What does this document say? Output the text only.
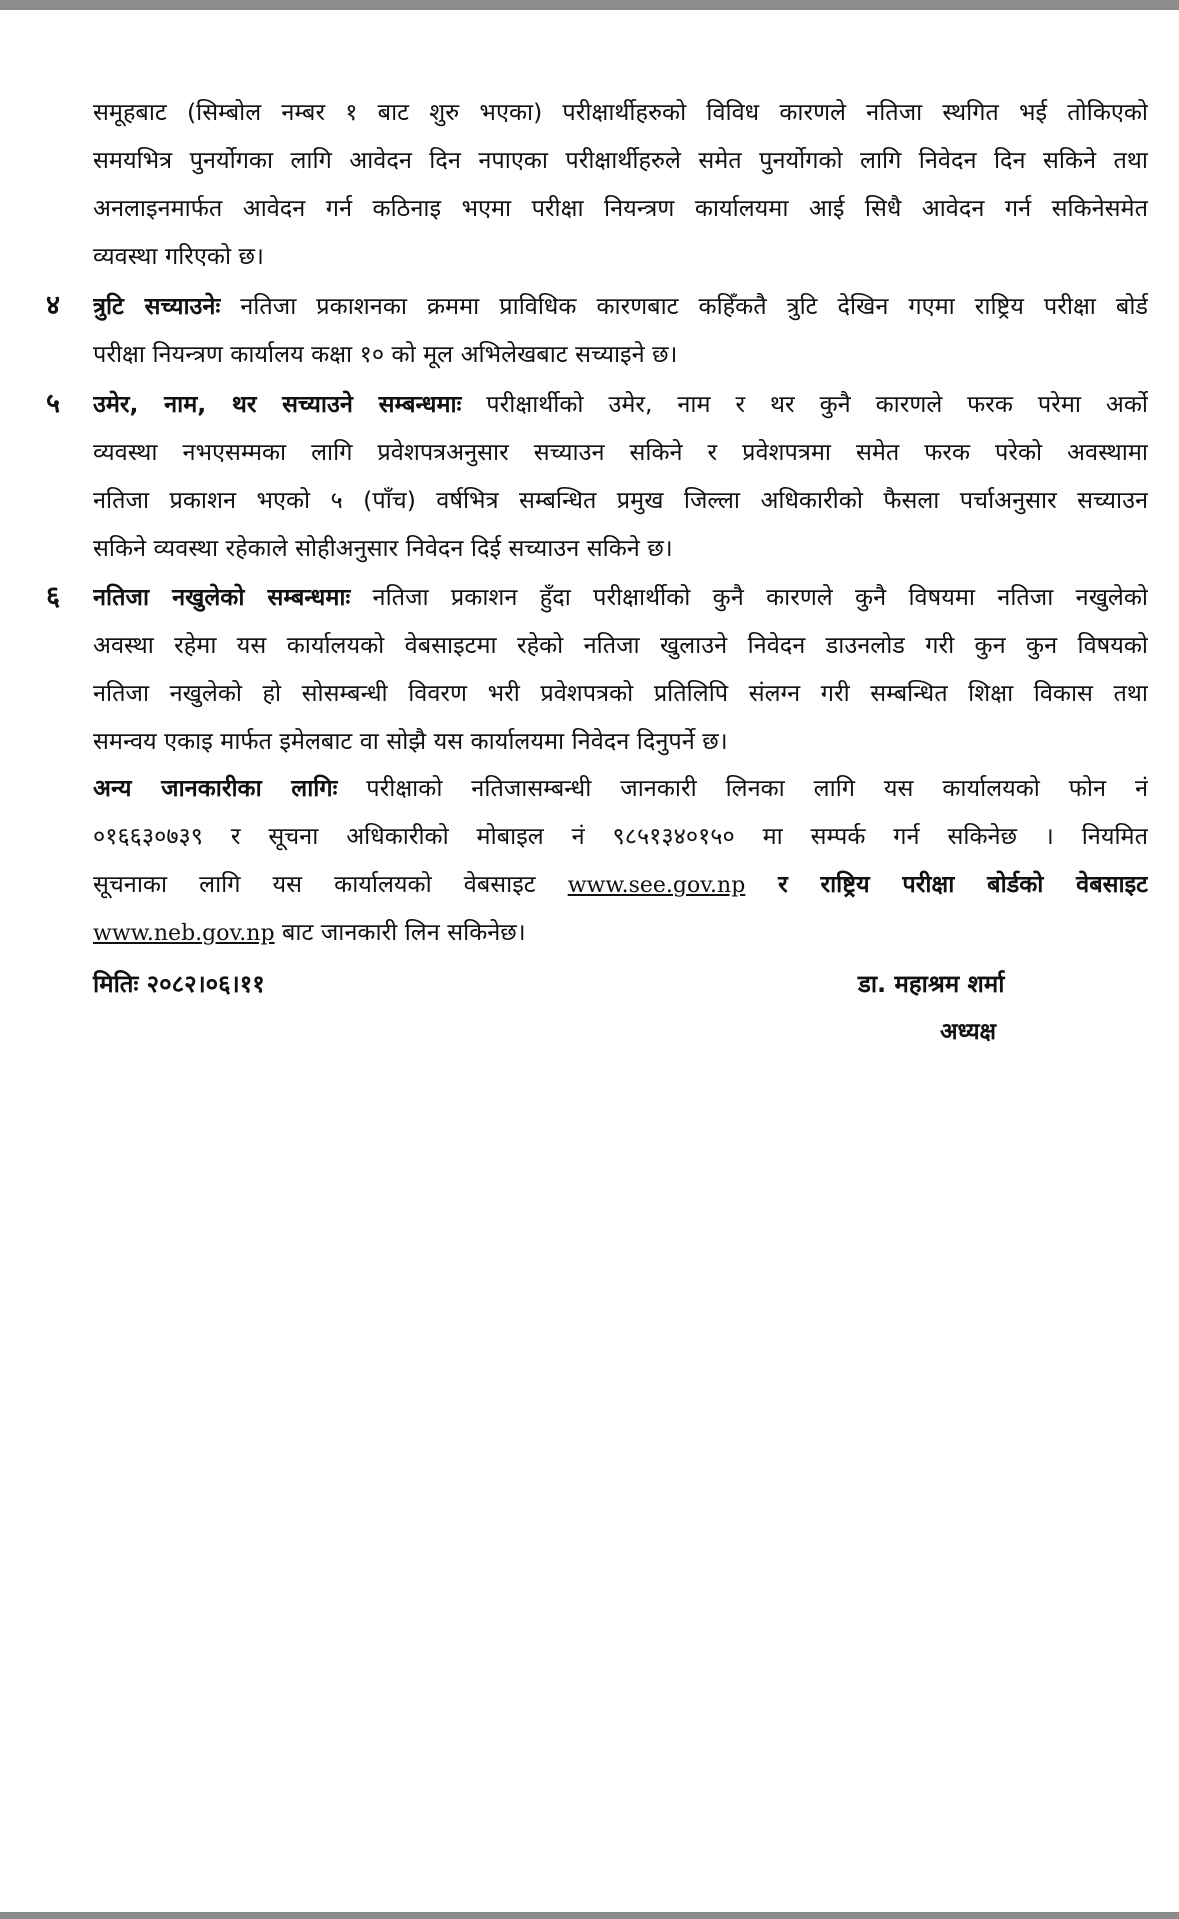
समूहबाट (सिम्बोल नम्बर १ बाट शुरु भएका) परीक्षार्थीहरुको विविध कारणले नतिजा स्थगित भई तोकिएको
समयभित्र पुनर्योगका लागि आवेदन दिन नपाएका परीक्षार्थीहरुले समेत पुनर्योगको लागि निवेदन दिन सकिने तथा
अनलाइनमार्फत आवेदन गर्न कठिनाइ भएमा परीक्षा नियन्त्रण कार्यालयमा आई सिधै आवेदन गर्न सकिनेसमेत
व्यवस्था गरिएको छ।
४ त्रुटि सच्याउनेः नतिजा प्रकाशनका क्रममा प्राविधिक कारणबाट कहिँकतै त्रुटि देखिन गएमा राष्ट्रिय परीक्षा बोर्ड
परीक्षा नियन्त्रण कार्यालय कक्षा १० को मूल अभिलेखबाट सच्याइने छ।
५ उमेर, नाम, थर सच्याउने सम्बन्धमाः परीक्षार्थीको उमेर, नाम र थर कुनै कारणले फरक परेमा अर्को
व्यवस्था नभएसम्मका लागि प्रवेशपत्रअनुसार सच्याउन सकिने र प्रवेशपत्रमा समेत फरक परेको अवस्थामा
नतिजा प्रकाशन भएको ५ (पाँच) वर्षभित्र सम्बन्धित प्रमुख जिल्ला अधिकारीको फैसला पर्चाअनुसार सच्याउन
सकिने व्यवस्था रहेकाले सोहीअनुसार निवेदन दिई सच्याउन सकिने छ।
६ नतिजा नखुलेको सम्बन्धमाः नतिजा प्रकाशन हुँदा परीक्षार्थीको कुनै कारणले कुनै विषयमा नतिजा नखुलेको
अवस्था रहेमा यस कार्यालयको वेबसाइटमा रहेको नतिजा खुलाउने निवेदन डाउनलोड गरी कुन कुन विषयको
नतिजा नखुलेको हो सोसम्बन्धी विवरण भरी प्रवेशपत्रको प्रतिलिपि संलग्न गरी सम्बन्धित शिक्षा विकास तथा
समन्वय एकाइ मार्फत इमेलबाट वा सोझै यस कार्यालयमा निवेदन दिनुपर्ने छ।
अन्य जानकारीका लागिः परीक्षाको नतिजासम्बन्धी जानकारी लिनका लागि यस कार्यालयको फोन नं
०१६६३०७३९ र सूचना अधिकारीको मोबाइल नं ९८५१३४०१५० मा सम्पर्क गर्न सकिनेछ । नियमित
सूचनाका लागि यस कार्यालयको वेबसाइट www.see.gov.np र राष्ट्रिय परीक्षा बोर्डको वेबसाइट
www.neb.gov.np बाट जानकारी लिन सकिनेछ।
मितिः २०८२।०६।११	डा. महाश्रम शर्मा
अध्यक्ष
